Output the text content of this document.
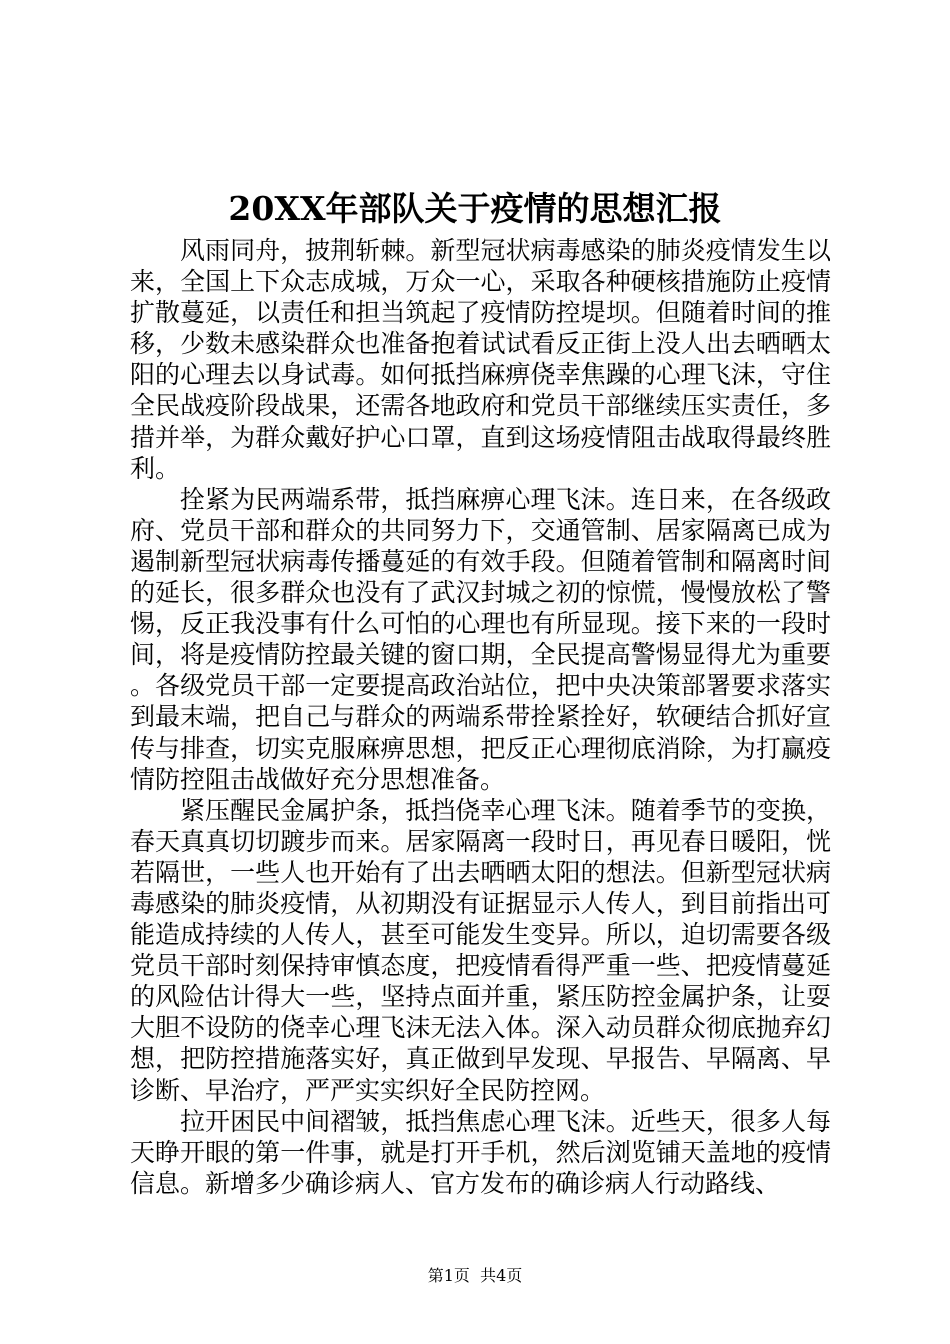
20XX年部队关于疫情的思想汇报

风雨同舟，披荆斩棘。新型冠状病毒感染的肺炎疫情发生以来，全国上下众志成城，万众一心，采取各种硬核措施防止疫情扩散蔓延，以责任和担当筑起了疫情防控堤坝。但随着时间的推移，少数未感染群众也准备抱着试试看反正街上没人出去晒晒太阳的心理去以身试毒。如何抵挡麻痹侥幸焦躁的心理飞沫，守住全民战疫阶段战果，还需各地政府和党员干部继续压实责任，多措并举，为群众戴好护心口罩，直到这场疫情阻击战取得最终胜利。

拴紧为民两端系带，抵挡麻痹心理飞沫。连日来，在各级政府、党员干部和群众的共同努力下，交通管制、居家隔离已成为遏制新型冠状病毒传播蔓延的有效手段。但随着管制和隔离时间的延长，很多群众也没有了武汉封城之初的惊慌，慢慢放松了警惕，反正我没事有什么可怕的心理也有所显现。接下来的一段时间，将是疫情防控最关键的窗口期，全民提高警惕显得尤为重要。各级党员干部一定要提高政治站位，把中央决策部署要求落实到最末端，把自己与群众的两端系带拴紧拴好，软硬结合抓好宣传与排查，切实克服麻痹思想，把反正心理彻底消除，为打赢疫情防控阻击战做好充分思想准备。

紧压醒民金属护条，抵挡侥幸心理飞沫。随着季节的变换，春天真真切切踱步而来。居家隔离一段时日，再见春日暖阳，恍若隔世，一些人也开始有了出去晒晒太阳的想法。但新型冠状病毒感染的肺炎疫情，从初期没有证据显示人传人，到目前指出可能造成持续的人传人，甚至可能发生变异。所以，迫切需要各级党员干部时刻保持审慎态度，把疫情看得严重一些、把疫情蔓延的风险估计得大一些，坚持点面并重，紧压防控金属护条，让耍大胆不设防的侥幸心理飞沫无法入体。深入动员群众彻底抛弃幻想，把防控措施落实好，真正做到早发现、早报告、早隔离、早诊断、早治疗，严严实实织好全民防控网。

拉开困民中间褶皱，抵挡焦虑心理飞沫。近些天，很多人每天睁开眼的第一件事，就是打开手机，然后浏览铺天盖地的疫情信息。新增多少确诊病人、官方发布的确诊病人行动路线、

第1页 共4页
